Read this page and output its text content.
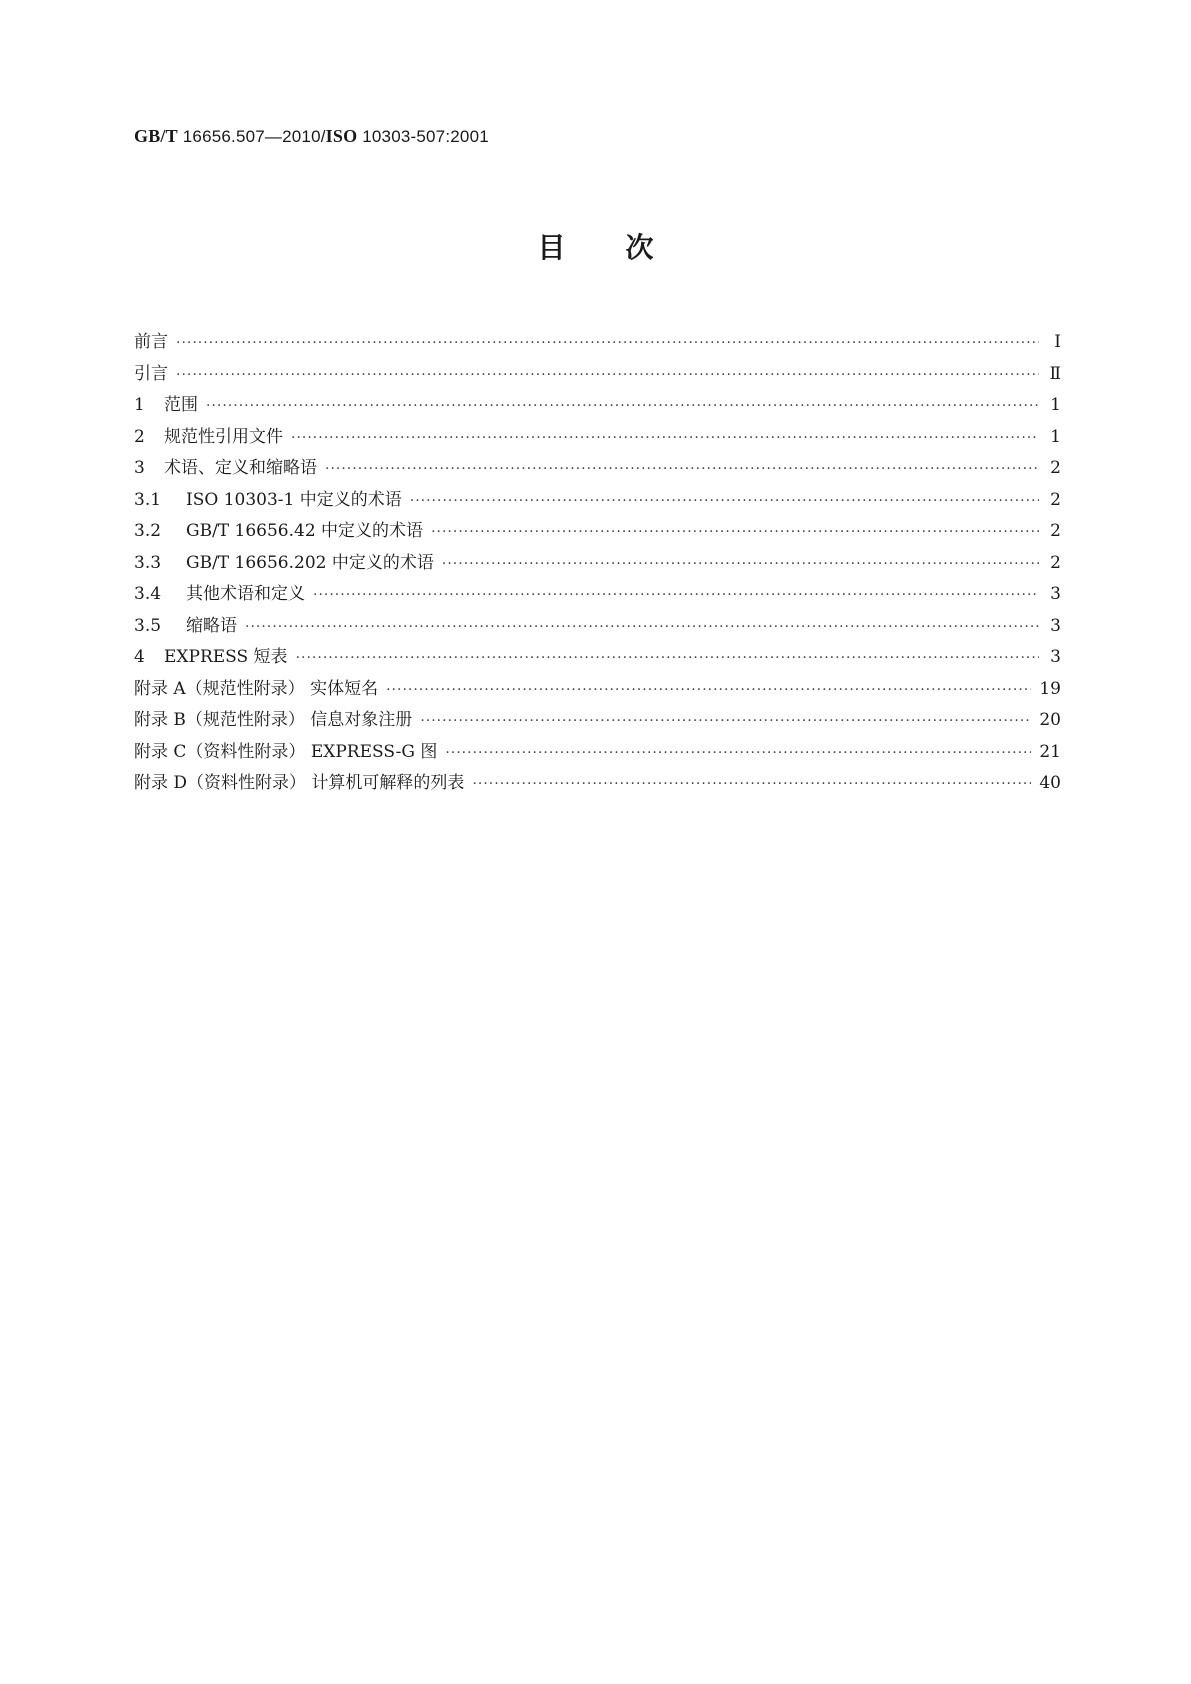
GB/T 16656.507—2010/ISO 10303-507:2001
目次
前言 ·····	Ⅰ
引言 ·····	Ⅱ
1	范围 ·····	1
2	规范性引用文件 ·····	1
3	术语、定义和缩略语 ·····	2
3.1	ISO 10303-1 中定义的术语 ·····	2
3.2	GB/T 16656.42 中定义的术语 ·····	2
3.3	GB/T 16656.202 中定义的术语 ·····	2
3.4	其他术语和定义 ·····	3
3.5	缩略语 ·····	3
4	EXPRESS 短表 ·····	3
附录 A（规范性附录） 实体短名 ·····	19
附录 B（规范性附录） 信息对象注册 ·····	20
附录 C（资料性附录） EXPRESS-G 图 ·····	21
附录 D（资料性附录） 计算机可解释的列表 ·····	40
